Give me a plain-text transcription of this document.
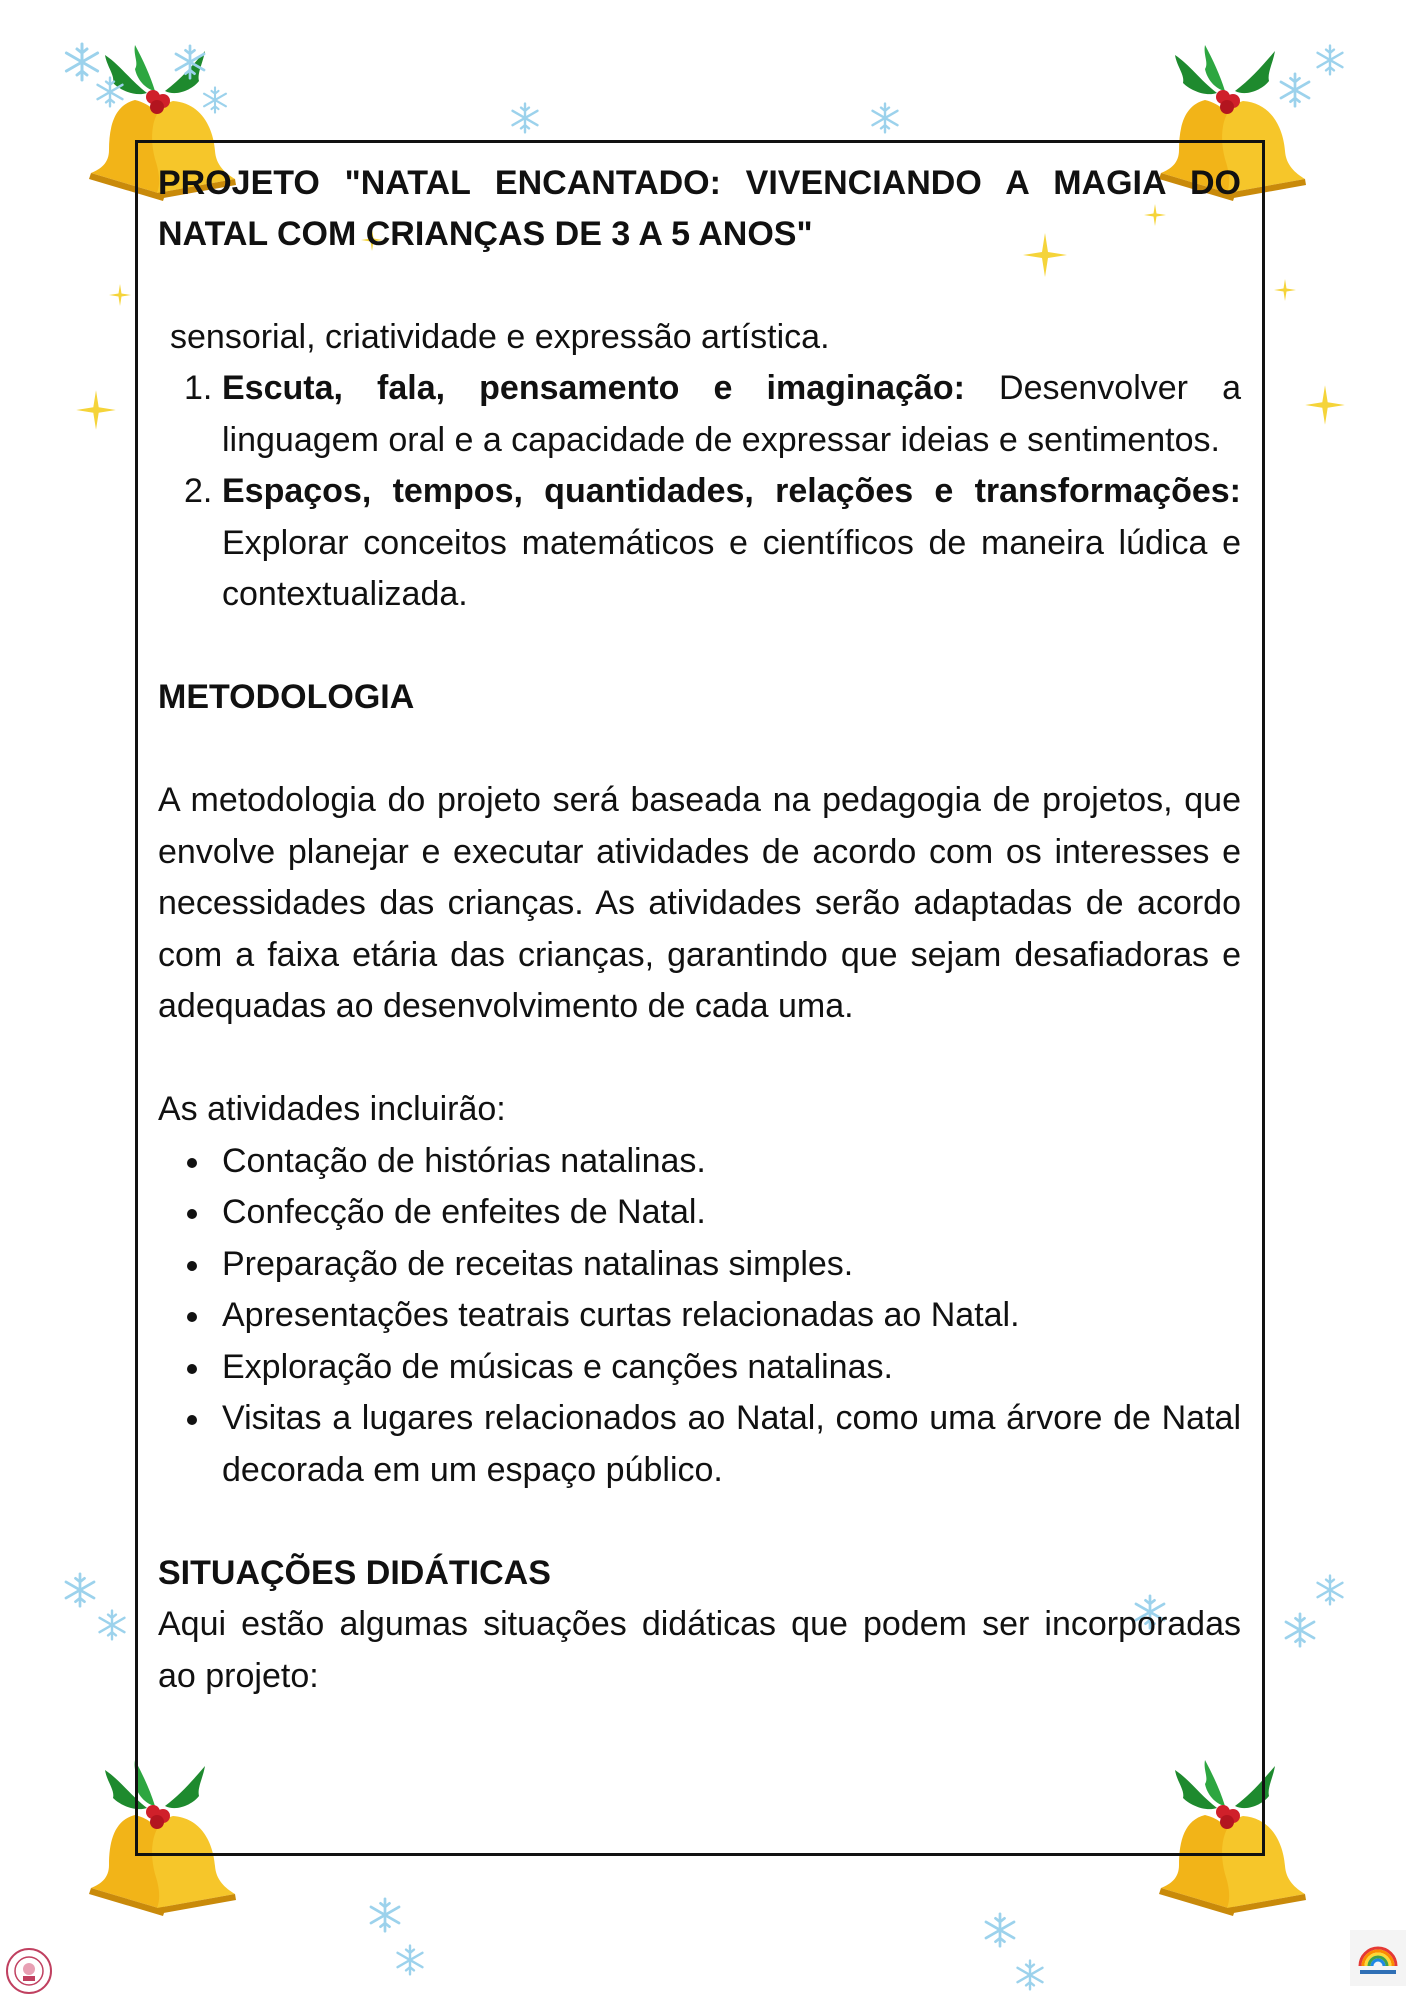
PROJETO "NATAL ENCANTADO: VIVENCIANDO A MAGIA DO NATAL COM CRIANÇAS DE 3 A 5 ANOS"

sensorial, criatividade e expressão artística.

1. Escuta, fala, pensamento e imaginação: Desenvolver a linguagem oral e a capacidade de expressar ideias e sentimentos.
2. Espaços, tempos, quantidades, relações e transformações: Explorar conceitos matemáticos e científicos de maneira lúdica e contextualizada.
METODOLOGIA

A metodologia do projeto será baseada na pedagogia de projetos, que envolve planejar e executar atividades de acordo com os interesses e necessidades das crianças. As atividades serão adaptadas de acordo com a faixa etária das crianças, garantindo que sejam desafiadoras e adequadas ao desenvolvimento de cada uma.

As atividades incluirão:

Contação de histórias natalinas.
Confecção de enfeites de Natal.
Preparação de receitas natalinas simples.
Apresentações teatrais curtas relacionadas ao Natal.
Exploração de músicas e canções natalinas.
Visitas a lugares relacionados ao Natal, como uma árvore de Natal decorada em um espaço público.
SITUAÇÕES DIDÁTICAS

Aqui estão algumas situações didáticas que podem ser incorporadas ao projeto:
